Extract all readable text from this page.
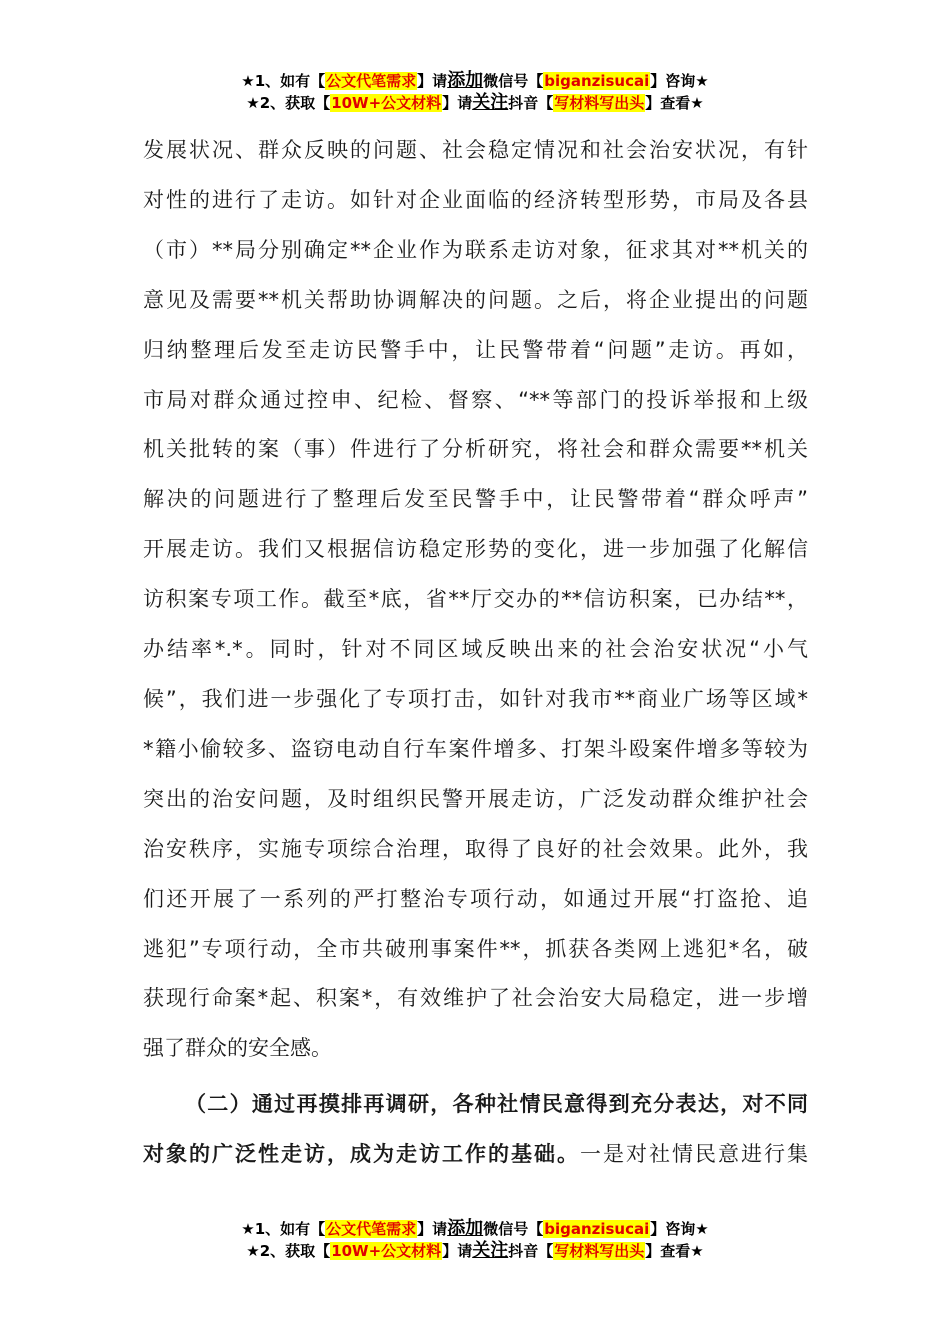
★1、如有【公文代笔需求】请添加微信号【biganzisucai】咨询★
★2、获取【10W+公文材料】请关注抖音【写材料写出头】查看★

发展状况、群众反映的问题、社会稳定情况和社会治安状况，有针
对性的进行了走访。如针对企业面临的经济转型形势，市局及各县
（市）**局分别确定**企业作为联系走访对象，征求其对**机关的
意见及需要**机关帮助协调解决的问题。之后，将企业提出的问题
归纳整理后发至走访民警手中，让民警带着“问题”走访。再如，
市局对群众通过控申、纪检、督察、“**等部门的投诉举报和上级
机关批转的案（事）件进行了分析研究，将社会和群众需要**机关
解决的问题进行了整理后发至民警手中，让民警带着“群众呼声”
开展走访。我们又根据信访稳定形势的变化，进一步加强了化解信
访积案专项工作。截至*底，省**厅交办的**信访积案，已办结**，
办结率*.*。同时，针对不同区域反映出来的社会治安状况“小气
候”，我们进一步强化了专项打击，如针对我市**商业广场等区域*
*籍小偷较多、盗窃电动自行车案件增多、打架斗殴案件增多等较为
突出的治安问题，及时组织民警开展走访，广泛发动群众维护社会
治安秩序，实施专项综合治理，取得了良好的社会效果。此外，我
们还开展了一系列的严打整治专项行动，如通过开展“打盗抢、追
逃犯”专项行动，全市共破刑事案件**，抓获各类网上逃犯*名，破
获现行命案*起、积案*，有效维护了社会治安大局稳定，进一步增
强了群众的安全感。

（二）通过再摸排再调研，各种社情民意得到充分表达，对不同
对象的广泛性走访，成为走访工作的基础。一是对社情民意进行集
★1、如有【公文代笔需求】请添加微信号【biganzisucai】咨询★
★2、获取【10W+公文材料】请关注抖音【写材料写出头】查看★
